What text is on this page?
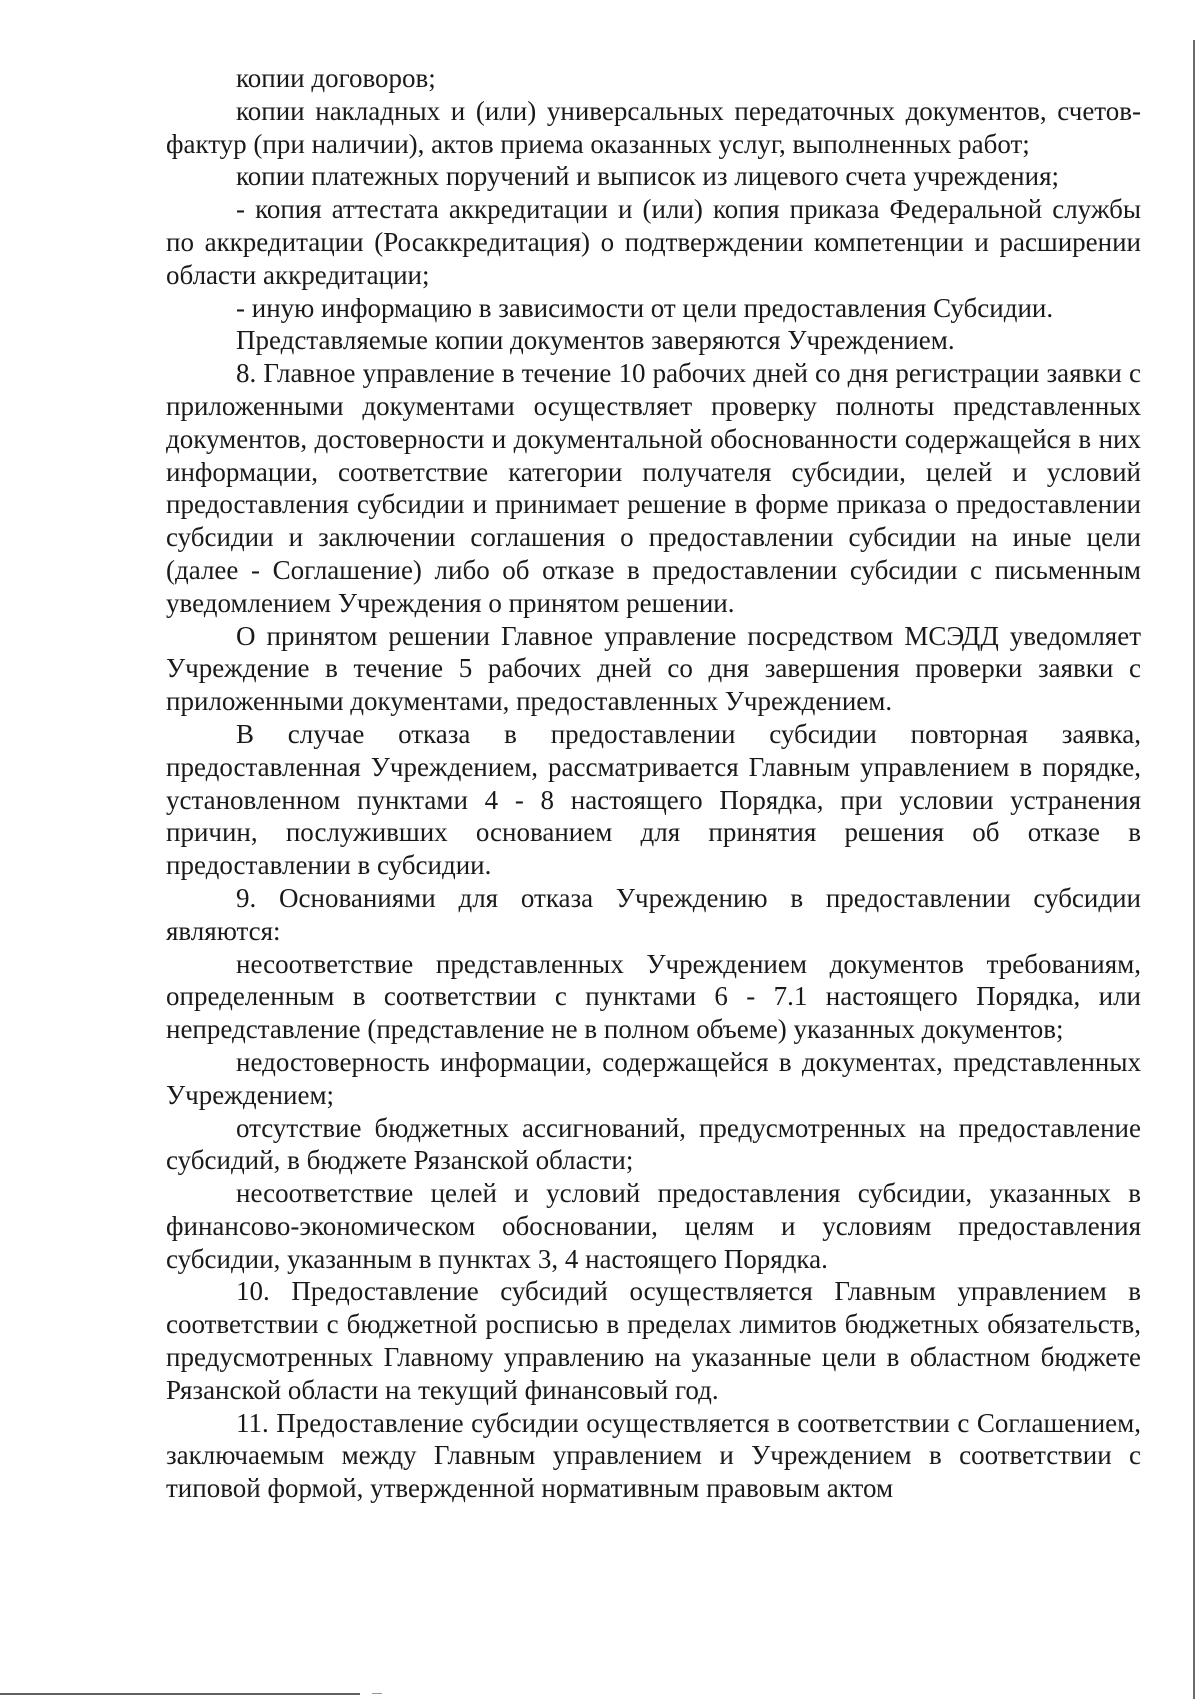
копии договоров;

копии накладных и (или) универсальных передаточных документов, счетов-фактур (при наличии), актов приема оказанных услуг, выполненных работ;

копии платежных поручений и выписок из лицевого счета учреждения;

- копия аттестата аккредитации и (или) копия приказа Федеральной службы по аккредитации (Росаккредитация) о подтверждении компетенции и расширении области аккредитации;

- иную информацию в зависимости от цели предоставления Субсидии.

Представляемые копии документов заверяются Учреждением.

8. Главное управление в течение 10 рабочих дней со дня регистрации заявки с приложенными документами осуществляет проверку полноты представленных документов, достоверности и документальной обоснованности содержащейся в них информации, соответствие категории получателя субсидии, целей и условий предоставления субсидии и принимает решение в форме приказа о предоставлении субсидии и заключении соглашения о предоставлении субсидии на иные цели (далее - Соглашение) либо об отказе в предоставлении субсидии с письменным уведомлением Учреждения о принятом решении.

О принятом решении Главное управление посредством МСЭДД уведомляет Учреждение в течение 5 рабочих дней со дня завершения проверки заявки с приложенными документами, предоставленных Учреждением.

В случае отказа в предоставлении субсидии повторная заявка, предоставленная Учреждением, рассматривается Главным управлением в порядке, установленном пунктами 4 - 8 настоящего Порядка, при условии устранения причин, послуживших основанием для принятия решения об отказе в предоставлении в субсидии.

9. Основаниями для отказа Учреждению в предоставлении субсидии являются:

несоответствие представленных Учреждением документов требованиям, определенным в соответствии с пунктами 6 - 7.1 настоящего Порядка, или непредставление (представление не в полном объеме) указанных документов;

недостоверность информации, содержащейся в документах, представленных Учреждением;

отсутствие бюджетных ассигнований, предусмотренных на предоставление субсидий, в бюджете Рязанской области;

несоответствие целей и условий предоставления субсидии, указанных в финансово-экономическом обосновании, целям и условиям предоставления субсидии, указанным в пунктах 3, 4 настоящего Порядка.

10. Предоставление субсидий осуществляется Главным управлением в соответствии с бюджетной росписью в пределах лимитов бюджетных обязательств, предусмотренных Главному управлению на указанные цели в областном бюджете Рязанской области на текущий финансовый год.

11. Предоставление субсидии осуществляется в соответствии с Соглашением, заключаемым между Главным управлением и Учреждением в соответствии с типовой формой, утвержденной нормативным правовым актом
